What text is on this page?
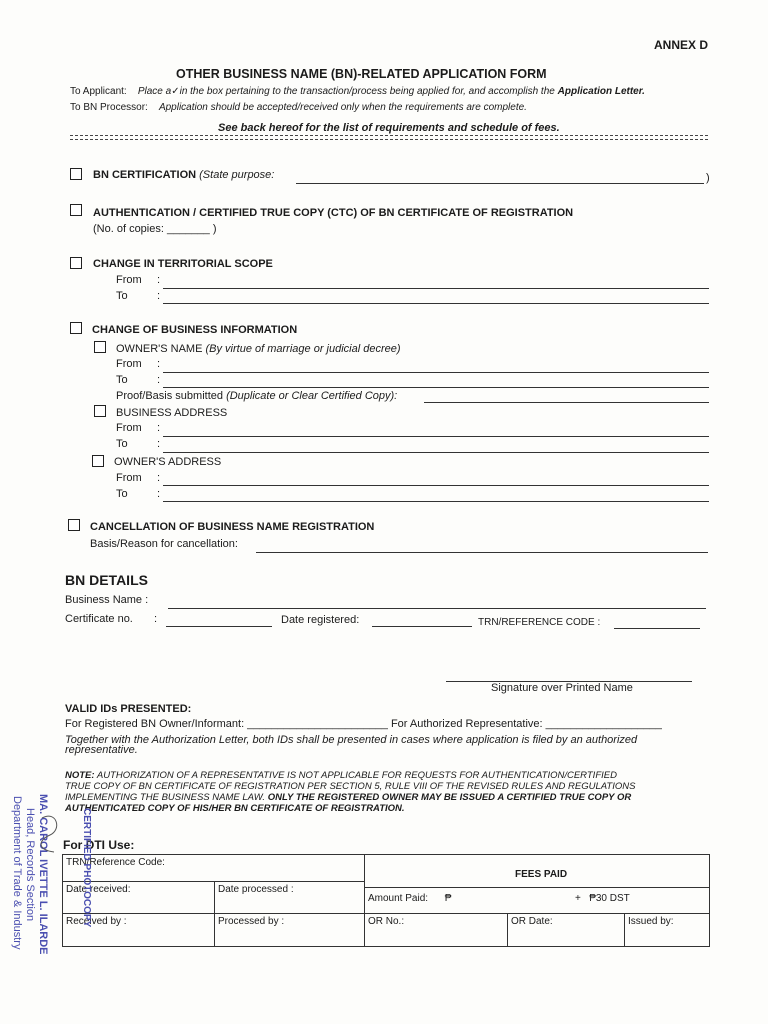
ANNEX D
OTHER BUSINESS NAME (BN)-RELATED APPLICATION FORM
To Applicant: Place a✓in the box pertaining to the transaction/process being applied for, and accomplish the Application Letter.
To BN Processor: Application should be accepted/received only when the requirements are complete.
See back hereof for the list of requirements and schedule of fees.
BN CERTIFICATION (State purpose:	)
AUTHENTICATION / CERTIFIED TRUE COPY (CTC) OF BN CERTIFICATE OF REGISTRATION
(No. of copies: _______ )
CHANGE IN TERRITORIAL SCOPE
From :
To	:
CHANGE OF BUSINESS INFORMATION
OWNER'S NAME (By virtue of marriage or judicial decree)
From :
To	:
Proof/Basis submitted (Duplicate or Clear Certified Copy):
BUSINESS ADDRESS
From :
To	:
OWNER'S ADDRESS
From :
To	:
CANCELLATION OF BUSINESS NAME REGISTRATION
Basis/Reason for cancellation:
BN DETAILS
Business Name :
Certificate no. :	Date registered:	TRN/REFERENCE CODE :
Signature over Printed Name
VALID IDs PRESENTED:
For Registered BN Owner/Informant: _______________________ For Authorized Representative: ___________________
Together with the Authorization Letter, both IDs shall be presented in cases where application is filed by an authorized
representative.
NOTE: AUTHORIZATION OF A REPRESENTATIVE IS NOT APPLICABLE FOR REQUESTS FOR AUTHENTICATION/CERTIFIED
TRUE COPY OF BN CERTIFICATE OF REGISTRATION PER SECTION 5, RULE VIII OF THE REVISED RULES AND REGULATIONS
IMPLEMENTING THE BUSINESS NAME LAW. ONLY THE REGISTERED OWNER MAY BE ISSUED A CERTIFIED TRUE COPY OR
AUTHENTICATED COPY OF HIS/HER BN CERTIFICATE OF REGISTRATION.
For DTI Use:
TRN/Reference Code:		FEES PAID
Amount Paid: ₱ + ₱30 DST		

Date received:	Date processed :			
Received by :	Processed by :	OR No.:	OR Date:	Issued by:
MA. CAROL IVETTE L. ILARDE
Head, Records Section
Department of Trade & Industry	CERTIFIED PHOTOCOPY
